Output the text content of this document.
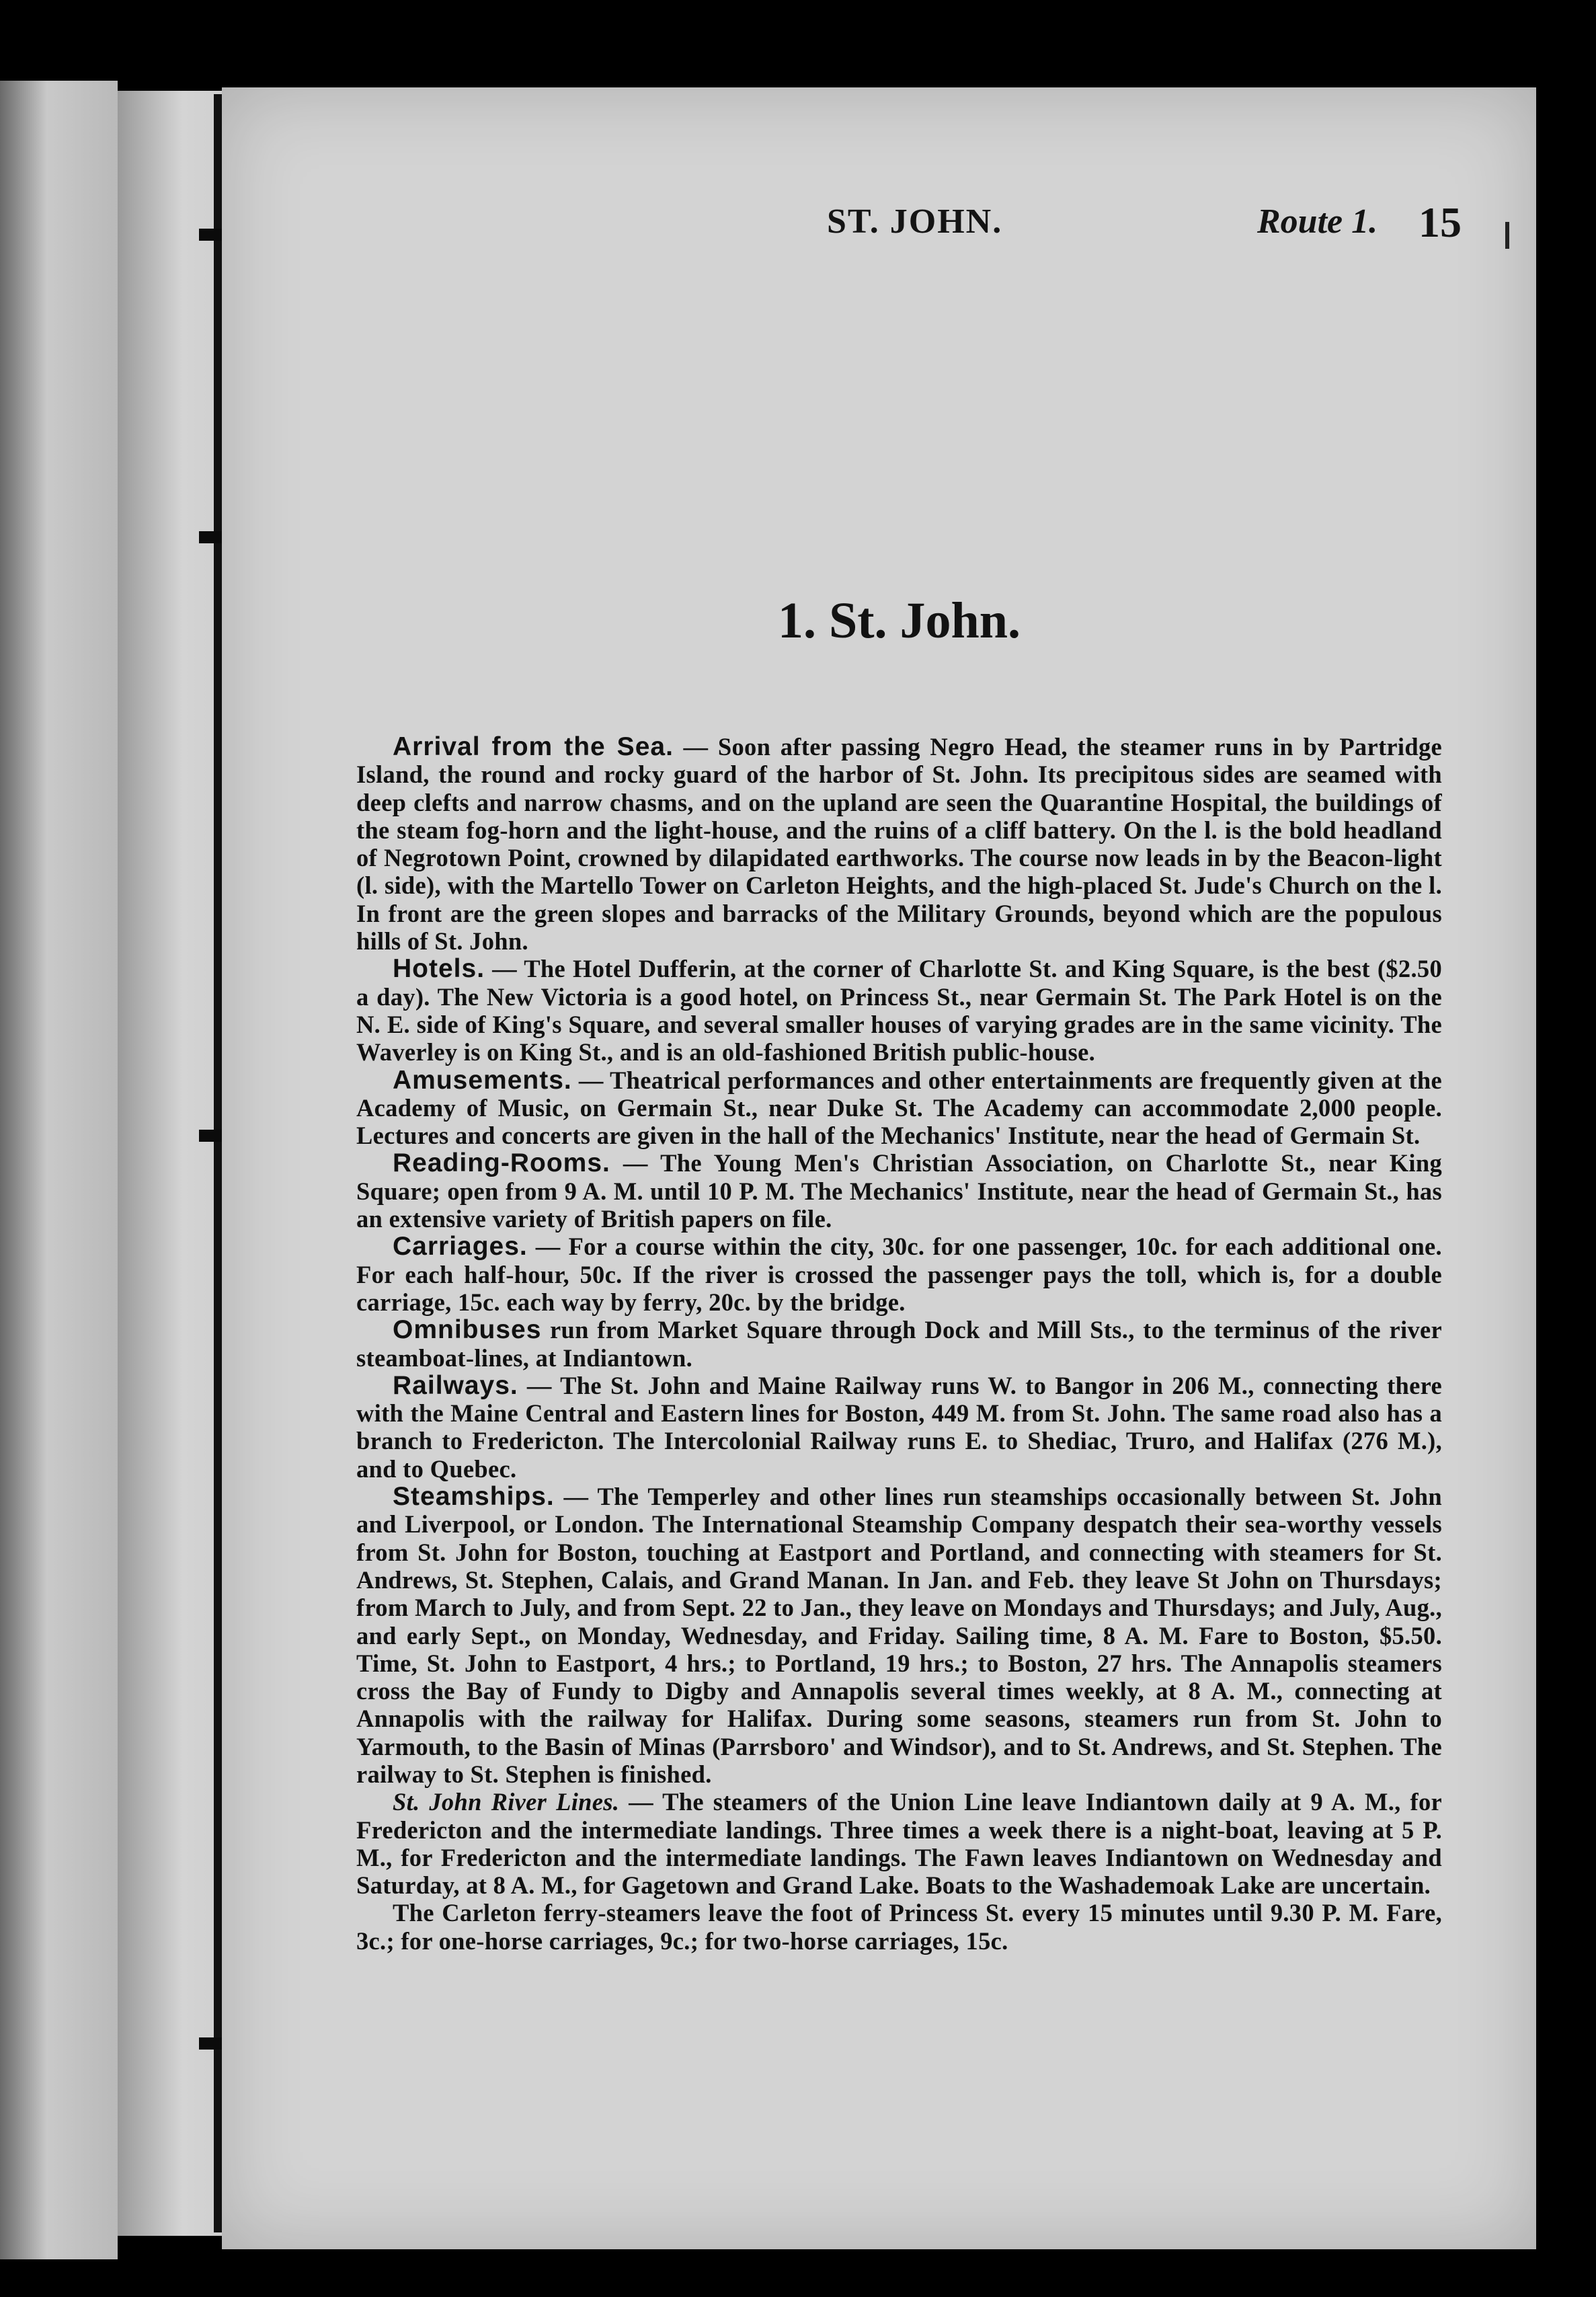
ST. JOHN.	Route 1. 15
1. St. John.

Arrival from the Sea. — Soon after passing Negro Head, the steamer runs in by Partridge Island, the round and rocky guard of the harbor of St. John. Its precipitous sides are seamed with deep clefts and narrow chasms, and on the upland are seen the Quarantine Hospital, the buildings of the steam fog-horn and the light-house, and the ruins of a cliff battery. On the l. is the bold headland of Negrotown Point, crowned by dilapidated earthworks. The course now leads in by the Beacon-light (l. side), with the Martello Tower on Carleton Heights, and the high-placed St. Jude's Church on the l. In front are the green slopes and barracks of the Military Grounds, beyond which are the populous hills of St. John.

Hotels. — The Hotel Dufferin, at the corner of Charlotte St. and King Square, is the best ($2.50 a day). The New Victoria is a good hotel, on Princess St., near Germain St. The Park Hotel is on the N. E. side of King's Square, and several smaller houses of varying grades are in the same vicinity. The Waverley is on King St., and is an old-fashioned British public-house.

Amusements. — Theatrical performances and other entertainments are frequently given at the Academy of Music, on Germain St., near Duke St. The Academy can accommodate 2,000 people. Lectures and concerts are given in the hall of the Mechanics' Institute, near the head of Germain St.

Reading-Rooms. — The Young Men's Christian Association, on Charlotte St., near King Square; open from 9 A. M. until 10 P. M. The Mechanics' Institute, near the head of Germain St., has an extensive variety of British papers on file.

Carriages. — For a course within the city, 30c. for one passenger, 10c. for each additional one. For each half-hour, 50c. If the river is crossed the passenger pays the toll, which is, for a double carriage, 15c. each way by ferry, 20c. by the bridge.

Omnibuses run from Market Square through Dock and Mill Sts., to the terminus of the river steamboat-lines, at Indiantown.

Railways. — The St. John and Maine Railway runs W. to Bangor in 206 M., connecting there with the Maine Central and Eastern lines for Boston, 449 M. from St. John. The same road also has a branch to Fredericton. The Intercolonial Railway runs E. to Shediac, Truro, and Halifax (276 M.), and to Quebec.

Steamships. — The Temperley and other lines run steamships occasionally between St. John and Liverpool, or London. The International Steamship Company despatch their sea-worthy vessels from St. John for Boston, touching at Eastport and Portland, and connecting with steamers for St. Andrews, St. Stephen, Calais, and Grand Manan. In Jan. and Feb. they leave St John on Thursdays; from March to July, and from Sept. 22 to Jan., they leave on Mondays and Thursdays; and July, Aug., and early Sept., on Monday, Wednesday, and Friday. Sailing time, 8 A. M. Fare to Boston, $5.50. Time, St. John to Eastport, 4 hrs.; to Portland, 19 hrs.; to Boston, 27 hrs. The Annapolis steamers cross the Bay of Fundy to Digby and Annapolis several times weekly, at 8 A. M., connecting at Annapolis with the railway for Halifax. During some seasons, steamers run from St. John to Yarmouth, to the Basin of Minas (Parrsboro' and Windsor), and to St. Andrews, and St. Stephen. The railway to St. Stephen is finished.

St. John River Lines. — The steamers of the Union Line leave Indiantown daily at 9 A. M., for Fredericton and the intermediate landings. Three times a week there is a night-boat, leaving at 5 P. M., for Fredericton and the intermediate landings. The Fawn leaves Indiantown on Wednesday and Saturday, at 8 A. M., for Gagetown and Grand Lake. Boats to the Washademoak Lake are uncertain.

The Carleton ferry-steamers leave the foot of Princess St. every 15 minutes until 9.30 P. M. Fare, 3c.; for one-horse carriages, 9c.; for two-horse carriages, 15c.
